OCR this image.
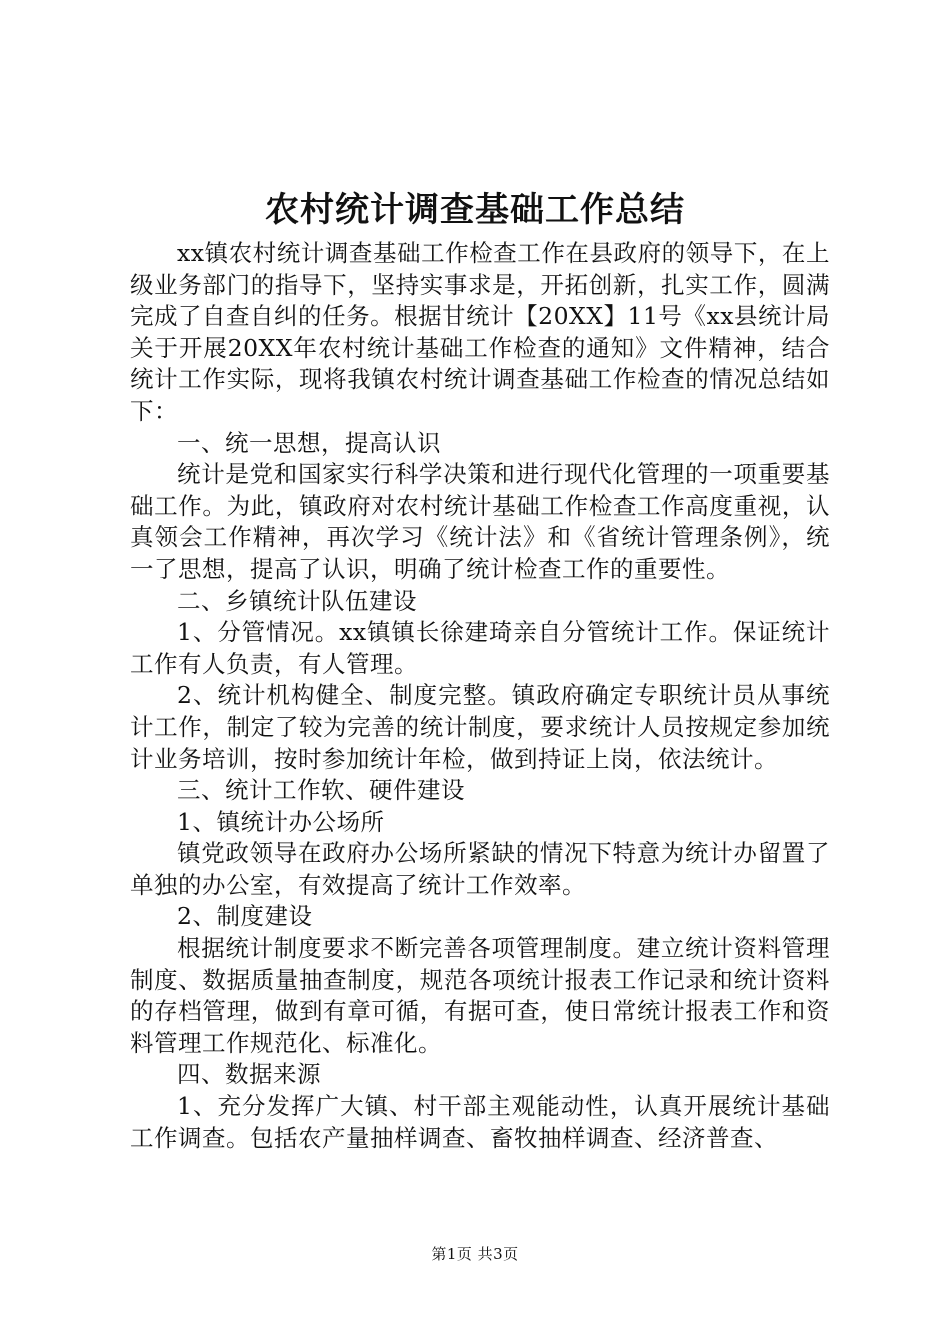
农村统计调查基础工作总结

xx镇农村统计调查基础工作检查工作在县政府的领导下，在上级业务部门的指导下，坚持实事求是，开拓创新，扎实工作，圆满完成了自查自纠的任务。根据甘统计【20XX】11号《xx县统计局关于开展20XX年农村统计基础工作检查的通知》文件精神，结合统计工作实际，现将我镇农村统计调查基础工作检查的情况总结如下：

一、统一思想，提高认识

统计是党和国家实行科学决策和进行现代化管理的一项重要基础工作。为此，镇政府对农村统计基础工作检查工作高度重视，认真领会工作精神，再次学习《统计法》和《省统计管理条例》，统一了思想，提高了认识，明确了统计检查工作的重要性。

二、乡镇统计队伍建设

1、分管情况。xx镇镇长徐建琦亲自分管统计工作。保证统计工作有人负责，有人管理。

2、统计机构健全、制度完整。镇政府确定专职统计员从事统计工作，制定了较为完善的统计制度，要求统计人员按规定参加统计业务培训，按时参加统计年检，做到持证上岗，依法统计。

三、统计工作软、硬件建设

1、镇统计办公场所

镇党政领导在政府办公场所紧缺的情况下特意为统计办留置了单独的办公室，有效提高了统计工作效率。

2、制度建设

根据统计制度要求不断完善各项管理制度。建立统计资料管理制度、数据质量抽查制度，规范各项统计报表工作记录和统计资料的存档管理，做到有章可循，有据可查，使日常统计报表工作和资料管理工作规范化、标准化。

四、数据来源

1、充分发挥广大镇、村干部主观能动性，认真开展统计基础工作调查。包括农产量抽样调查、畜牧抽样调查、经济普查、

第1页 共3页
